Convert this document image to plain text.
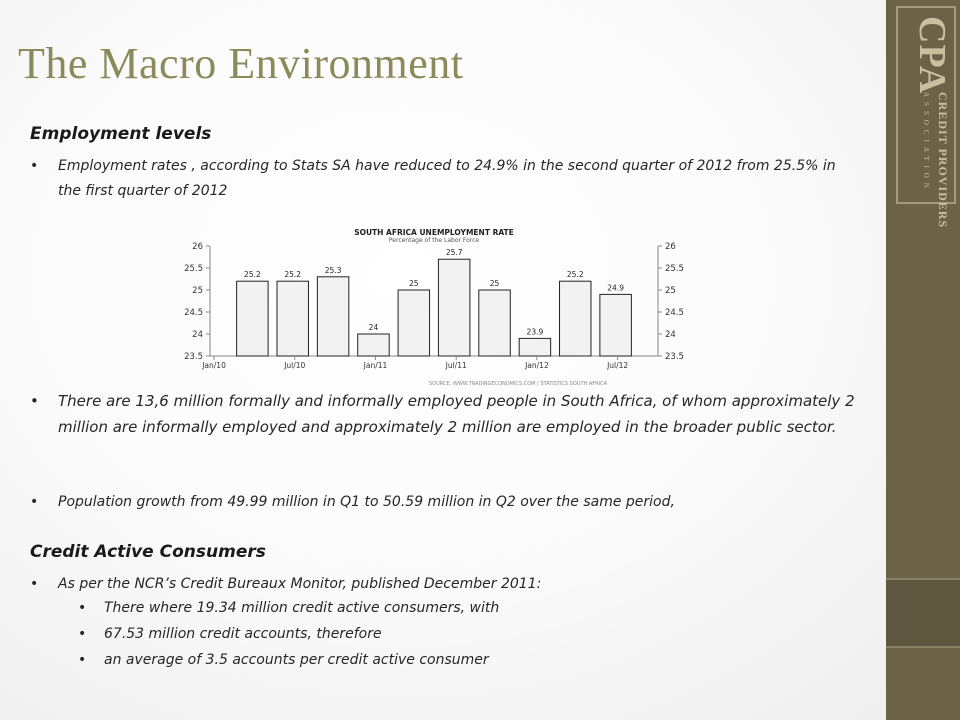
The Macro Environment
Employment levels
• Employment rates , according to Stats SA have reduced to 24.9% in the second quarter of 2012 from 25.5% in the first quarter of 2012
SOUTH AFRICA UNEMPLOYMENT RATE
Percentage of the Labor Force
23.5	23.5
24	24
24.5	24.5
25	25
25.5	25.5
26	26
25.2	25.2	25.3
24
25
25.7
25
23.9
25.2
24.9
Jan/10	Jul/10	Jan/11	Jul/11	Jan/12	Jul/12
SOURCE: WWW.TRADINGECONOMICS.COM | STATISTICS SOUTH AFRICA
• There are 13,6 million formally and informally employed people in South Africa, of whom approximately 2 million are informally employed and approximately 2 million are employed in the broader public sector.
• Population growth from 49.99 million in Q1 to 50.59 million in Q2 over the same period,
Credit Active Consumers
• As per the NCR’s Credit Bureaux Monitor, published December 2011:
• There where 19.34 million credit active consumers, with
• 67.53 million credit accounts, therefore
• an average of 3.5 accounts per credit active consumer
CPA
CREDIT PROVIDERS
ASSOCIATION
